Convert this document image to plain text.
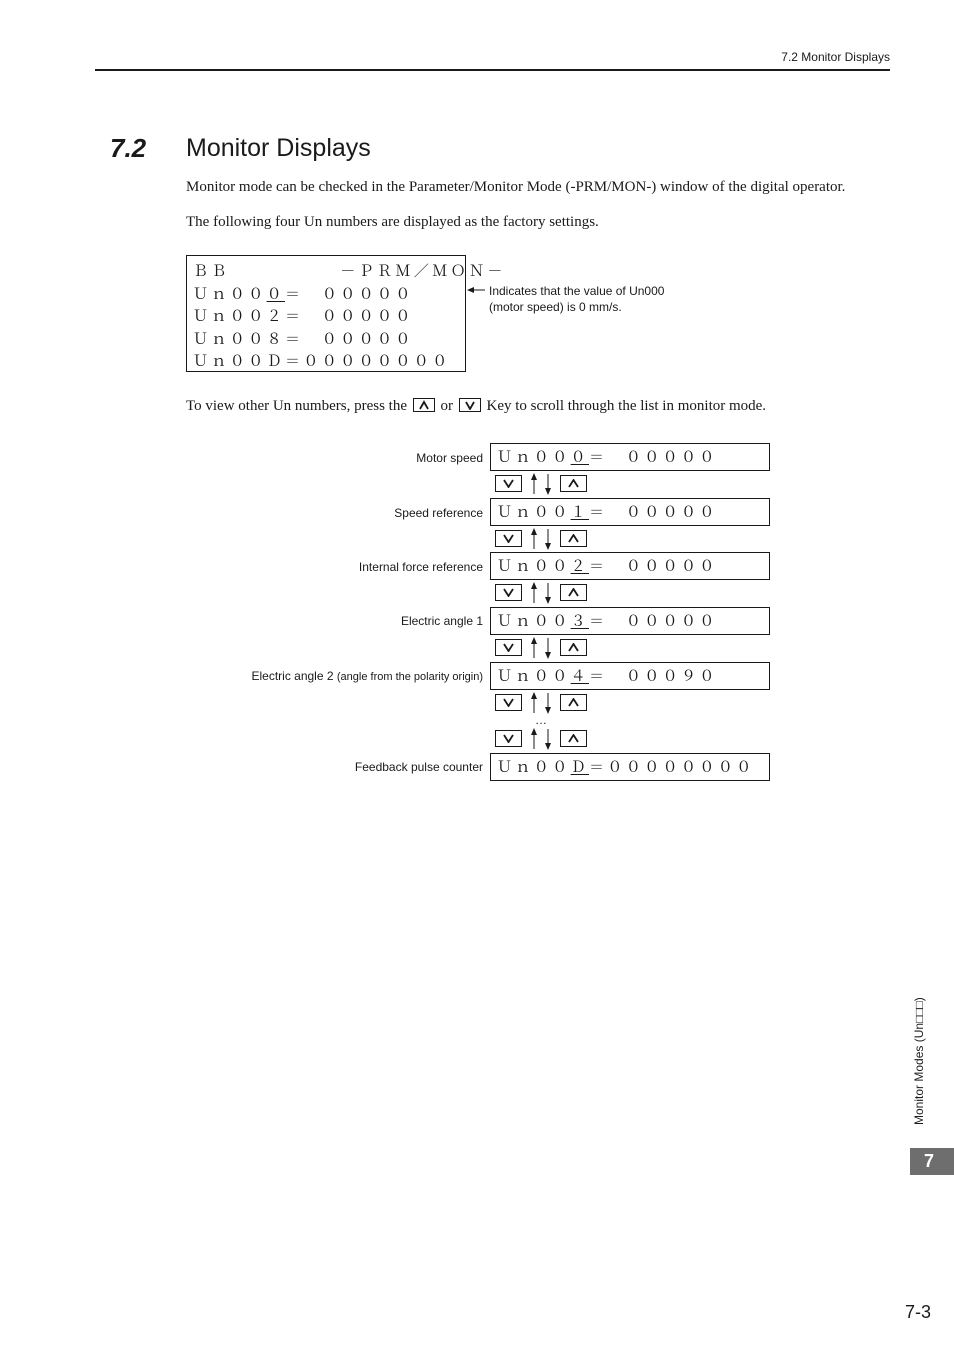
7.2 Monitor Displays
7.2 Monitor Displays
Monitor mode can be checked in the Parameter/Monitor Mode (-PRM/MON-) window of the digital operator.
The following four Un numbers are displayed as the factory settings.
ＢＢ　　　　　　－ＰＲＭ／ＭＯＮ－
Ｕｎ０００＝　０００００
Ｕｎ００２＝　０００００
Ｕｎ００８＝　０００００
Ｕｎ００Ｄ＝００００００００
Indicates that the value of Un000
(motor speed) is 0 mm/s.
To view other Un numbers, press the or Key to scroll through the list in monitor mode.
Motor speed Ｕｎ０００＝　０００００
Speed reference Ｕｎ００１＝　０００００
Internal force reference Ｕｎ００２＝　０００００
Electric angle 1 Ｕｎ００３＝　０００００
Electric angle 2 (angle from the polarity origin) Ｕｎ００４＝　０００９０
Feedback pulse counter Ｕｎ００Ｄ＝００００００００
…
Monitor Modes (Un□□□)
7
7-3
